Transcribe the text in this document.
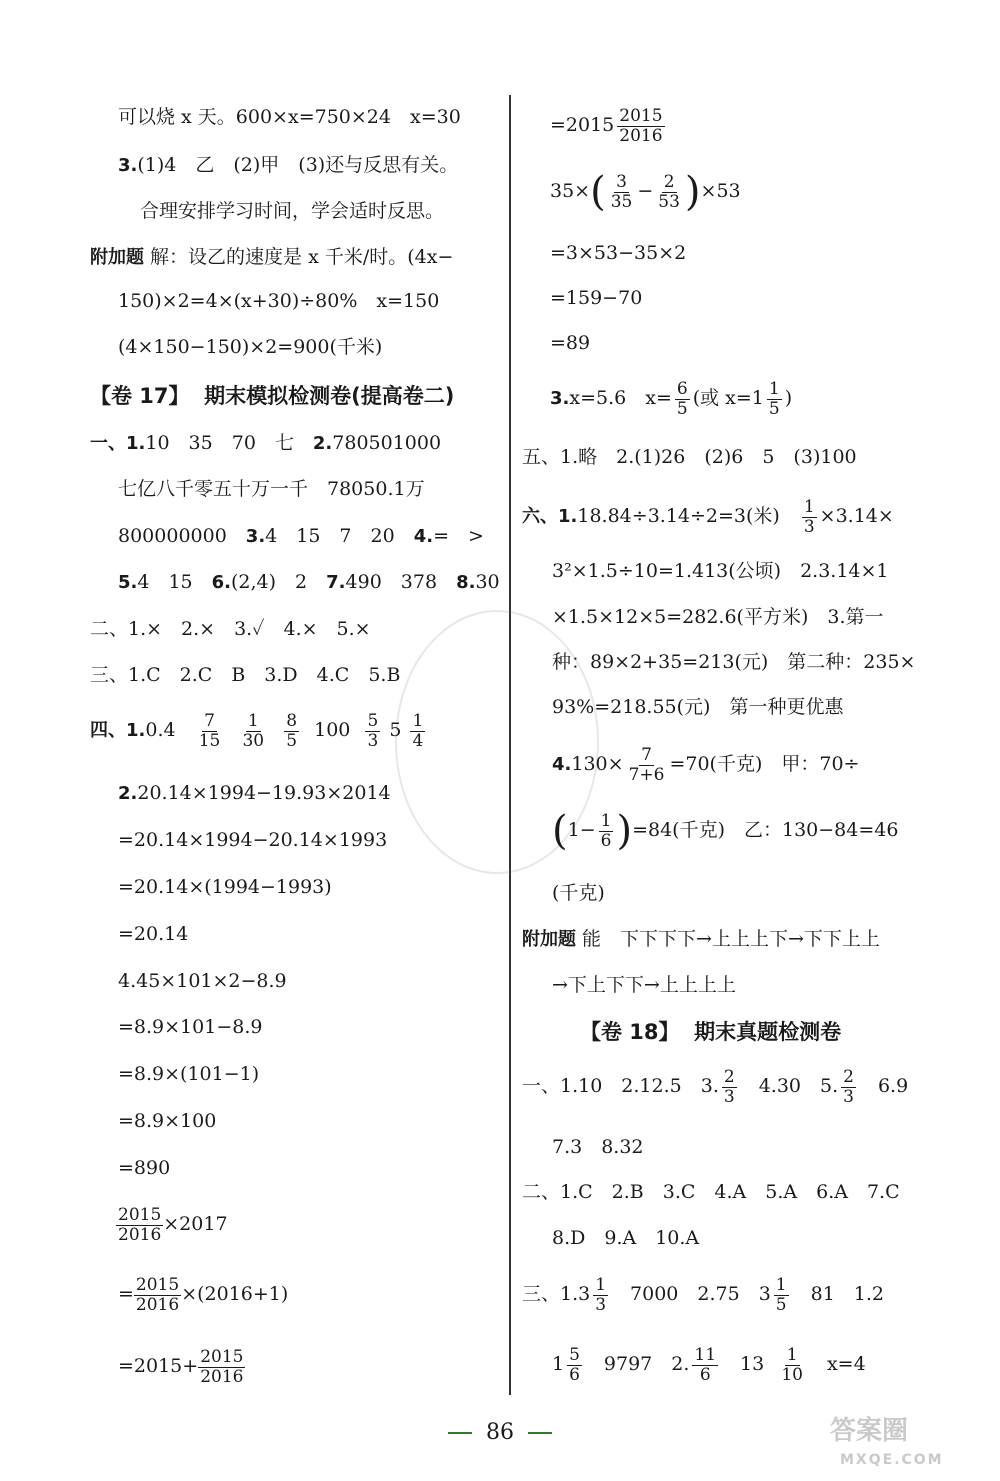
可以烧 x 天。600×x=750×24　x=30
3.(1)4　乙　(2)甲　(3)还与反思有关。
合理安排学习时间，学会适时反思。
附加题 解：设乙的速度是 x 千米/时。(4x−
150)×2=4×(x+30)÷80%　x=150
(4×150−150)×2=900(千米)
【卷 17】 期末模拟检测卷(提高卷二)
一、1.10　35　70　七　2.780501000
七亿八千零五十万一千　78050.1万
800000000　3.4　15　7　20　4.=　>
5.4　15　6.(2,4)　2　7.490　378　8.30
二、1.×　2.×　3.✓　4.×　5.×
三、1.C　2.C　B　3.D　4.C　5.B
四、$1.0.4 \frac{7}{15}$
$\frac{1}{30}$
$\frac{8}{5} 100 \frac{5}{3} 5 \frac{1}{4}$
2.20.14×1994−19.93×2014
=20.14×1994−20.14×1993
=20.14×(1994−1993)
=20.14
4.45×101×2−8.9
=8.9×101−8.9
=8.9×(101−1)
=8.9×100
=890
$\frac{2015}{2016} \times 2017$
= $\frac{2015}{2016} \times(2016+1)$
$=2015+ \frac{2015}{2016}$
$=2015 \frac{2015}{2016}$
$35\times( \frac{3}{35} - \frac{2}{53} )\times 53$
=3×53−35×2
=159−70
=89
3.x=5.6　$x= \frac{6}{5}$ (或 $x=1 \frac{1}{5}$ )
五、1.略　2.(1)26　(2)6　5　(3)100
六、1.18.84÷3.14÷2=3(米)　 $\frac{1}{3} \times 3.14\times$
3²×1.5÷10=1.413(公顷)　2.3.14×1
×1.5×12×5=282.6(平方米)　3.第一
种：89×2+35=213(元)　第二种：235×
93%=218.55(元)　第一种更优惠
$4.130\times \frac{7}{7+6} =70$(千克)　甲：70÷
$(1- \frac{1}{6} )=84$(千克)　乙：130−84=46
(千克)
附加题 能　下下下下→上上上下→下下上上
→下上下下→上上上上
【卷 18】 期末真题检测卷
一、1.10　2.12.5　3. $\frac{2}{3}$ 　4.30　5. $\frac{2}{3}$ 　6.9
7.3　8.32
二、1.C　2.B　3.C　4.A　5.A　6.A　7.C
8.D　9.A　10.A
三、$1.3 \frac{1}{3}$ 　7000　2.75　$3 \frac{1}{5}$ 　81　1.2
$1 \frac{5}{6}$ 　9797　2. $\frac{11}{6}$ 　$13 \frac{1}{10}$ 　x=4
86	答案圈
MXQE.COM
